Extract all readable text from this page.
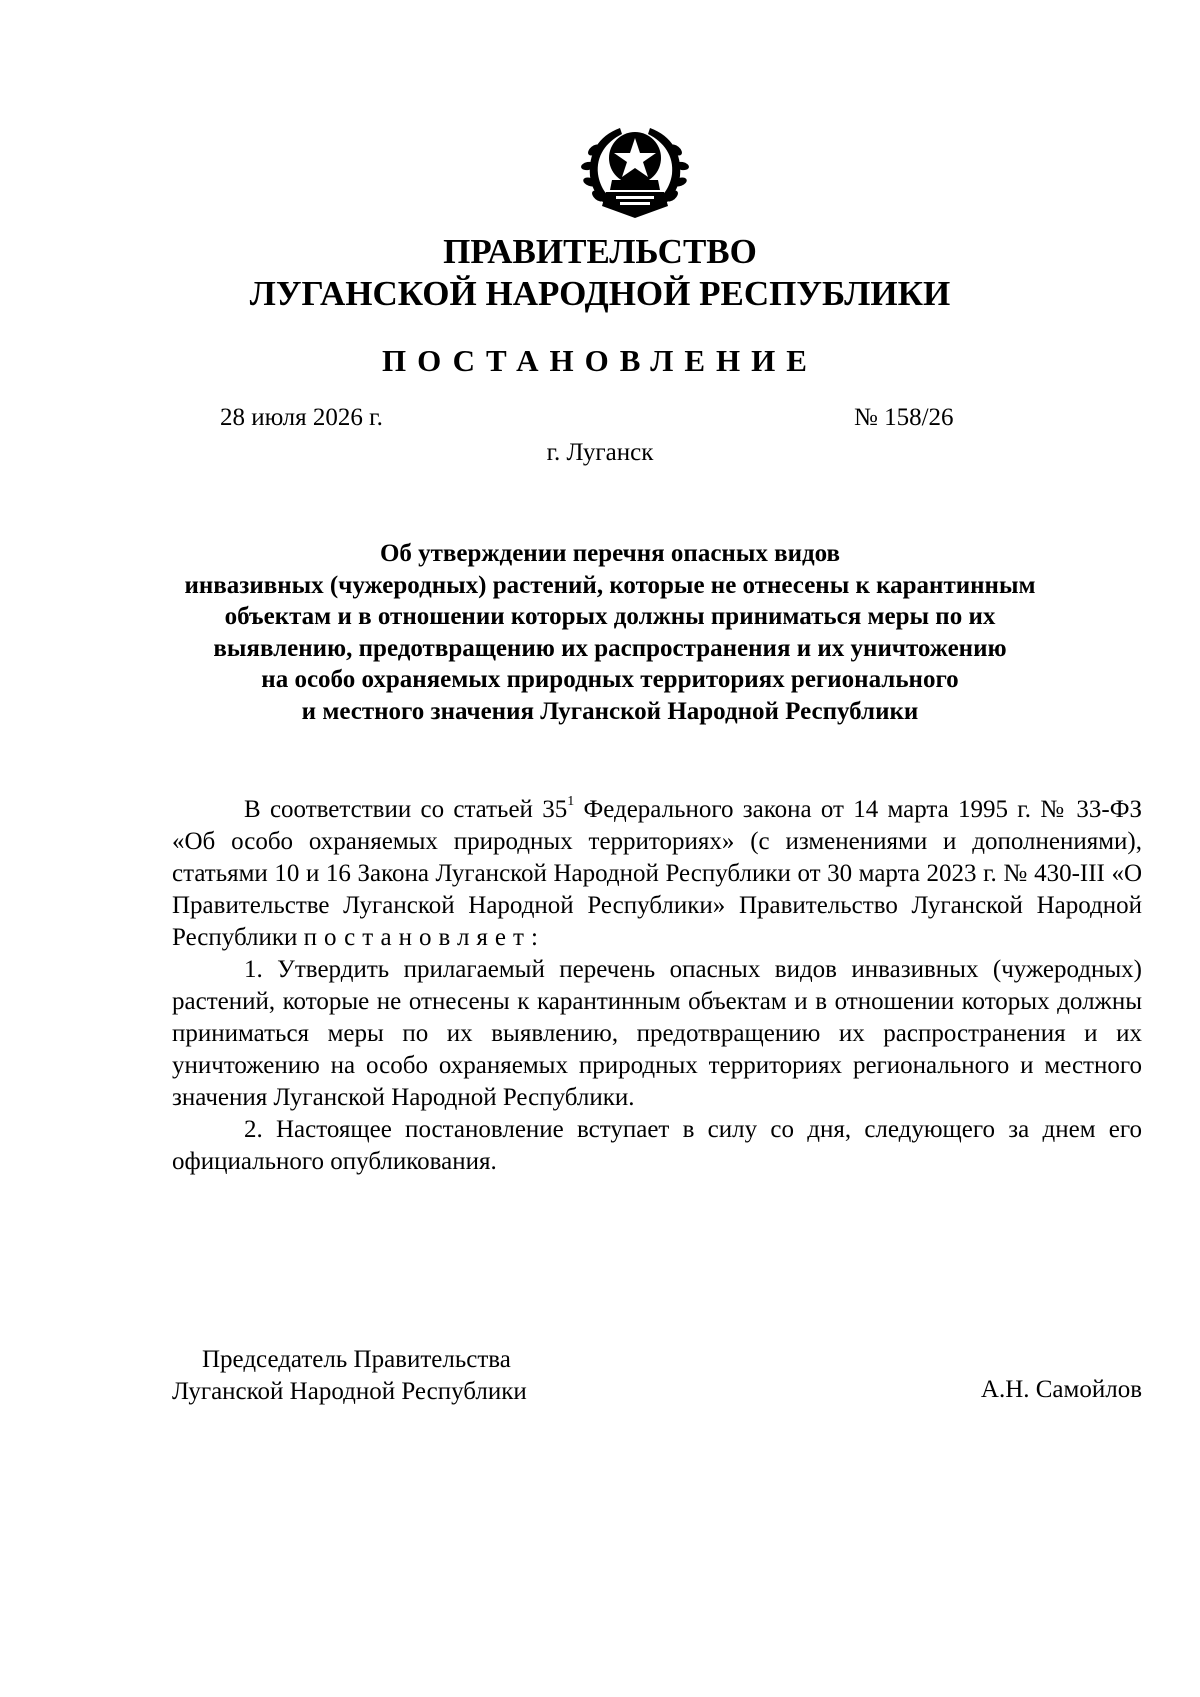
ПРАВИТЕЛЬСТВО
ЛУГАНСКОЙ НАРОДНОЙ РЕСПУБЛИКИ
ПОСТАНОВЛЕНИЕ
28 июля 2026 г.	№ 158/26
г. Луганск
Об утверждении перечня опасных видов
инвазивных (чужеродных) растений, которые не отнесены к карантинным
объектам и в отношении которых должны приниматься меры по их
выявлению, предотвращению их распространения и их уничтожению
на особо охраняемых природных территориях регионального
и местного значения Луганской Народной Республики

В соответствии со статьей $35^1$ Федерального закона от 14 марта 1995 г. № 33-ФЗ «Об особо охраняемых природных территориях» (с изменениями и дополнениями), статьями 10 и 16 Закона Луганской Народной Республики от 30 марта 2023 г. № 430-III «О Правительстве Луганской Народной Республики» Правительство Луганской Народной Республики постановляет:

1. Утвердить прилагаемый перечень опасных видов инвазивных (чужеродных) растений, которые не отнесены к карантинным объектам и в отношении которых должны приниматься меры по их выявлению, предотвращению их распространения и их уничтожению на особо охраняемых природных территориях регионального и местного значения Луганской Народной Республики.

2. Настоящее постановление вступает в силу со дня, следующего за днем его официального опубликования.

Председатель Правительства
Луганской Народной Республики	А.Н. Самойлов
